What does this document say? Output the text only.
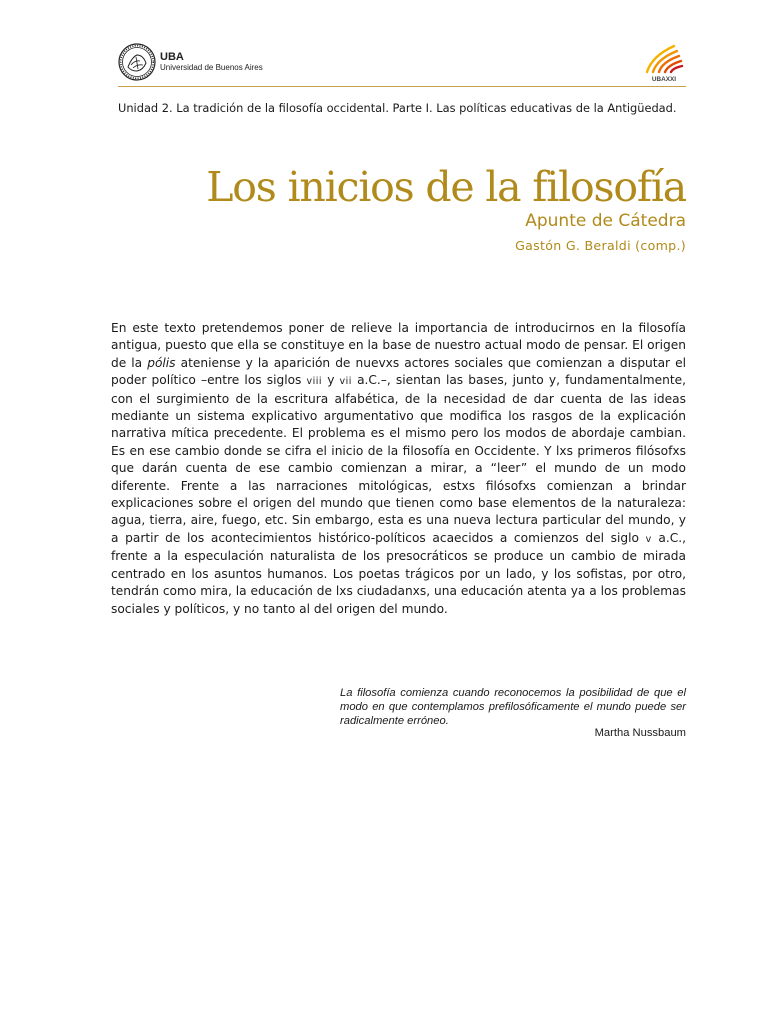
UBA
Universidad de Buenos Aires
UBAXXI
Unidad 2. La tradición de la filosofía occidental. Parte I. Las políticas educativas de la Antigüedad.
Los inicios de la filosofía
Apunte de Cátedra
Gastón G. Beraldi (comp.)

En este texto pretendemos poner de relieve la importancia de introducirnos en la filosofía antigua, puesto que ella se constituye en la base de nuestro actual modo de pensar. El origen de la pólis ateniense y la aparición de nuevxs actores sociales que comienzan a disputar el poder político –entre los siglos viii y vii a.C.–, sientan las bases, junto y, fundamentalmente, con el surgimiento de la escritura alfabética, de la necesidad de dar cuenta de las ideas mediante un sistema explicativo argumentativo que modifica los rasgos de la explicación narrativa mítica precedente. El problema es el mismo pero los modos de abordaje cambian. Es en ese cambio donde se cifra el inicio de la filosofía en Occidente. Y lxs primeros filósofxs que darán cuenta de ese cambio comienzan a mirar, a “leer” el mundo de un modo diferente. Frente a las narraciones mitológicas, estxs filósofxs comienzan a brindar explicaciones sobre el origen del mundo que tienen como base elementos de la naturaleza: agua, tierra, aire, fuego, etc. Sin embargo, esta es una nueva lectura particular del mundo, y a partir de los acontecimientos histórico-políticos acaecidos a comienzos del siglo v a.C., frente a la especulación naturalista de los presocráticos se produce un cambio de mirada centrado en los asuntos humanos. Los poetas trágicos por un lado, y los sofistas, por otro, tendrán como mira, la educación de lxs ciudadanxs, una educación atenta ya a los problemas sociales y políticos, y no tanto al del origen del mundo.

La filosofía comienza cuando reconocemos la posibilidad de que el modo en que contemplamos prefilosóficamente el mundo puede ser radicalmente erróneo.
Martha Nussbaum
